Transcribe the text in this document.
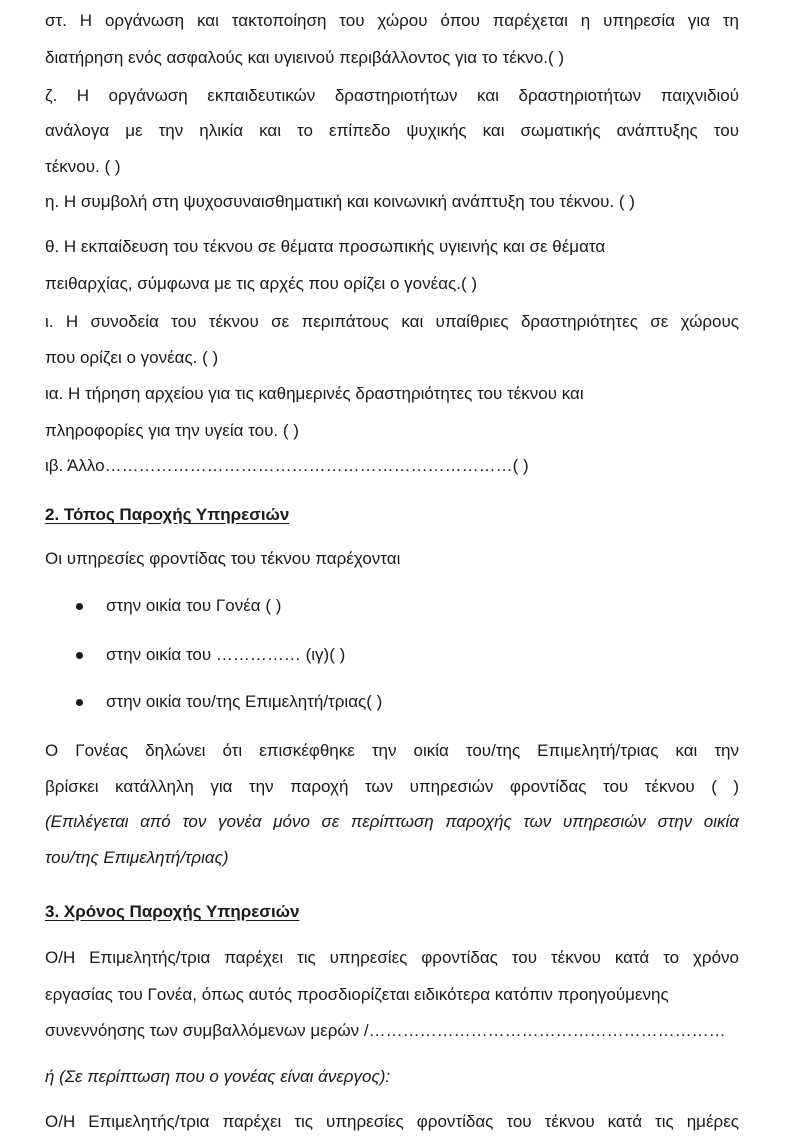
στ. Η οργάνωση και τακτοποίηση του χώρου όπου παρέχεται η υπηρεσία για τη

διατήρηση ενός ασφαλούς και υγιεινού περιβάλλοντος για το τέκνο.( )

ζ. Η οργάνωση εκπαιδευτικών δραστηριοτήτων και δραστηριοτήτων παιχνιδιού

ανάλογα με την ηλικία και το επίπεδο ψυχικής και σωματικής ανάπτυξης του

τέκνου. ( )

η. Η συμβολή στη ψυχοσυναισθηματική και κοινωνική ανάπτυξη του τέκνου. ( )

θ. Η εκπαίδευση του τέκνου σε θέματα προσωπικής υγιεινής και σε θέματα

πειθαρχίας, σύμφωνα με τις αρχές που ορίζει ο γονέας.( )

ι. Η συνοδεία του τέκνου σε περιπάτους και υπαίθριες δραστηριότητες σε χώρους

που ορίζει ο γονέας. ( )

ια. Η τήρηση αρχείου για τις καθημερινές δραστηριότητες του τέκνου και

πληροφορίες για την υγεία του. ( )

ιβ. Άλλο………………………………………………………………( )

2. Τόπος Παροχής Υπηρεσιών

Οι υπηρεσίες φροντίδας του τέκνου παρέχονται

στην οικία του Γονέα ( )

στην οικία του …………… (ιγ)( )

στην οικία του/της Επιμελητή/τριας( )

Ο Γονέας δηλώνει ότι επισκέφθηκε την οικία του/της Επιμελητή/τριας και την

βρίσκει κατάλληλη για την παροχή των υπηρεσιών φροντίδας του τέκνου ( )

(Επιλέγεται από τον γονέα μόνο σε περίπτωση παροχής των υπηρεσιών στην οικία

του/της Επιμελητή/τριας)

3. Χρόνος Παροχής Υπηρεσιών

Ο/Η Επιμελητής/τρια παρέχει τις υπηρεσίες φροντίδας του τέκνου κατά το χρόνο

εργασίας του Γονέα, όπως αυτός προσδιορίζεται ειδικότερα κατόπιν προηγούμενης

συνεννόησης των συμβαλλόμενων μερών /………………………………………………………

ή (Σε περίπτωση που ο γονέας είναι άνεργος):

Ο/Η Επιμελητής/τρια παρέχει τις υπηρεσίες φροντίδας του τέκνου κατά τις ημέρες
